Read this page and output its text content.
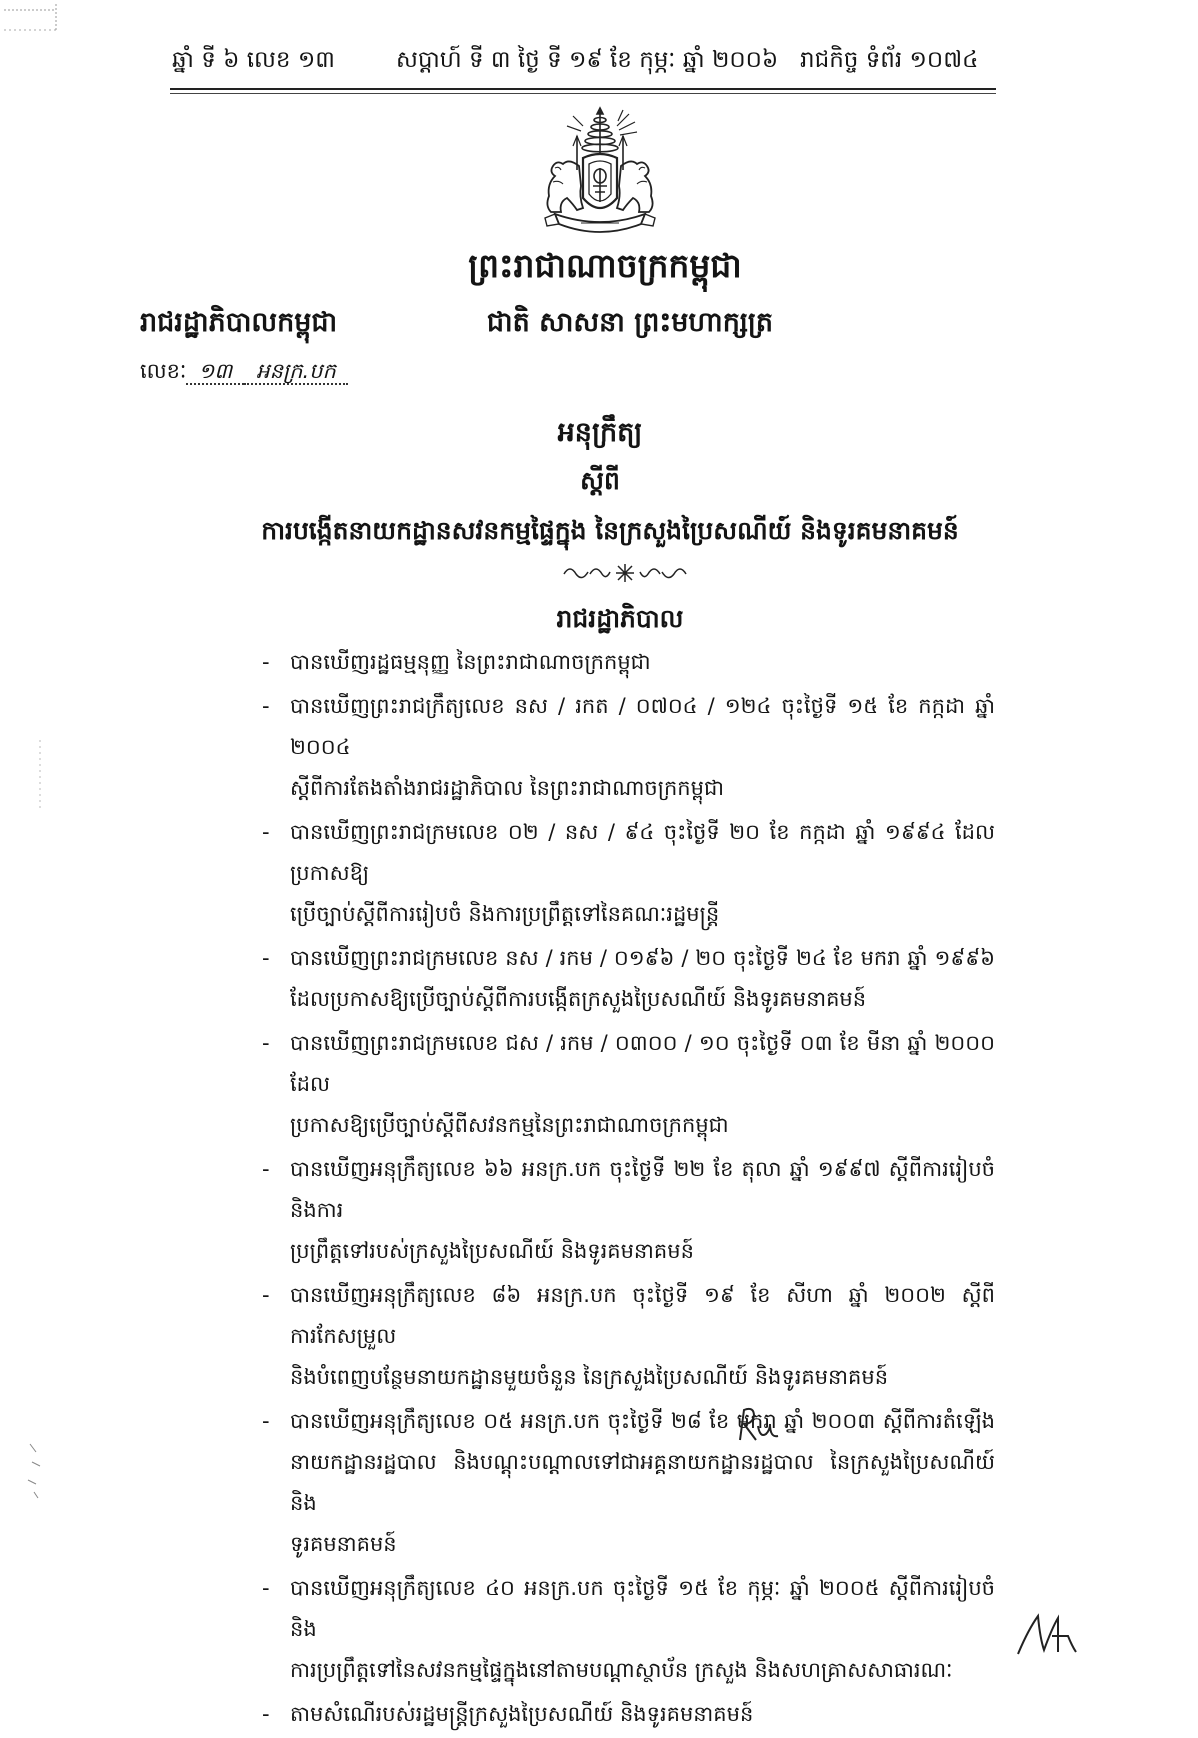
ឆ្នាំ ទី ៦ លេខ ១៣	សប្តាហ៍ ទី ៣ ថ្ងៃ ទី ១៩ ខែ កុម្ភៈ ឆ្នាំ ២០០៦ រាជកិច្ច ទំព័រ ១០៧៤
ព្រះរាជាណាចក្រកម្ពុជា
រាជរដ្ឋាភិបាលកម្ពុជា	ជាតិ សាសនា ព្រះមហាក្សត្រ
លេខៈ ១៣ អនក្រ.បក
អនុក្រឹត្យ
ស្តីពី
ការបង្កើតនាយកដ្ឋានសវនកម្មផ្ទៃក្នុង នៃក្រសួងប្រៃសណីយ៍ និងទូរគមនាគមន៍
រាជរដ្ឋាភិបាល
- បានឃើញរដ្ឋធម្មនុញ្ញ នៃព្រះរាជាណាចក្រកម្ពុជា
- បានឃើញព្រះរាជក្រឹត្យលេខ នស / រកត / ០៧០៤ / ១២៤ ចុះថ្ងៃទី ១៥ ខែ កក្កដា ឆ្នាំ ២០០៤
ស្តីពីការតែងតាំងរាជរដ្ឋាភិបាល នៃព្រះរាជាណាចក្រកម្ពុជា
- បានឃើញព្រះរាជក្រមលេខ ០២ / នស / ៩៤ ចុះថ្ងៃទី ២០ ខែ កក្កដា ឆ្នាំ ១៩៩៤ ដែលប្រកាសឱ្យ
ប្រើច្បាប់ស្តីពីការរៀបចំ និងការប្រព្រឹត្តទៅនៃគណៈរដ្ឋមន្ត្រី
- បានឃើញព្រះរាជក្រមលេខ នស / រកម / ០១៩៦ / ២០ ចុះថ្ងៃទី ២៤ ខែ មករា ឆ្នាំ ១៩៩៦
ដែលប្រកាសឱ្យប្រើច្បាប់ស្តីពីការបង្កើតក្រសួងប្រៃសណីយ៍ និងទូរគមនាគមន៍
- បានឃើញព្រះរាជក្រមលេខ ជស / រកម / ០៣០០ / ១០ ចុះថ្ងៃទី ០៣ ខែ មីនា ឆ្នាំ ២០០០ ដែល
ប្រកាសឱ្យប្រើច្បាប់ស្តីពីសវនកម្មនៃព្រះរាជាណាចក្រកម្ពុជា
- បានឃើញអនុក្រឹត្យលេខ ៦៦ អនក្រ.បក ចុះថ្ងៃទី ២២ ខែ តុលា ឆ្នាំ ១៩៩៧ ស្តីពីការរៀបចំ និងការ
ប្រព្រឹត្តទៅរបស់ក្រសួងប្រៃសណីយ៍ និងទូរគមនាគមន៍
- បានឃើញអនុក្រឹត្យលេខ ៨៦ អនក្រ.បក ចុះថ្ងៃទី ១៩ ខែ សីហា ឆ្នាំ ២០០២ ស្តីពីការកែសម្រួល
និងបំពេញបន្ថែមនាយកដ្ឋានមួយចំនួន នៃក្រសួងប្រៃសណីយ៍ និងទូរគមនាគមន៍
- បានឃើញអនុក្រឹត្យលេខ ០៥ អនក្រ.បក ចុះថ្ងៃទី ២៨ ខែ មករា ឆ្នាំ ២០០៣ ស្តីពីការតំឡើង
នាយកដ្ឋានរដ្ឋបាល និងបណ្តុះបណ្តាលទៅជាអគ្គនាយកដ្ឋានរដ្ឋបាល នៃក្រសួងប្រៃសណីយ៍ និង
ទូរគមនាគមន៍
- បានឃើញអនុក្រឹត្យលេខ ៤០ អនក្រ.បក ចុះថ្ងៃទី ១៥ ខែ កុម្ភៈ ឆ្នាំ ២០០៥ ស្តីពីការរៀបចំ និង
ការប្រព្រឹត្តទៅនៃសវនកម្មផ្ទៃក្នុងនៅតាមបណ្តាស្ថាប័ន ក្រសួង និងសហគ្រាសសាធារណៈ
- តាមសំណើរបស់រដ្ឋមន្ត្រីក្រសួងប្រៃសណីយ៍ និងទូរគមនាគមន៍
